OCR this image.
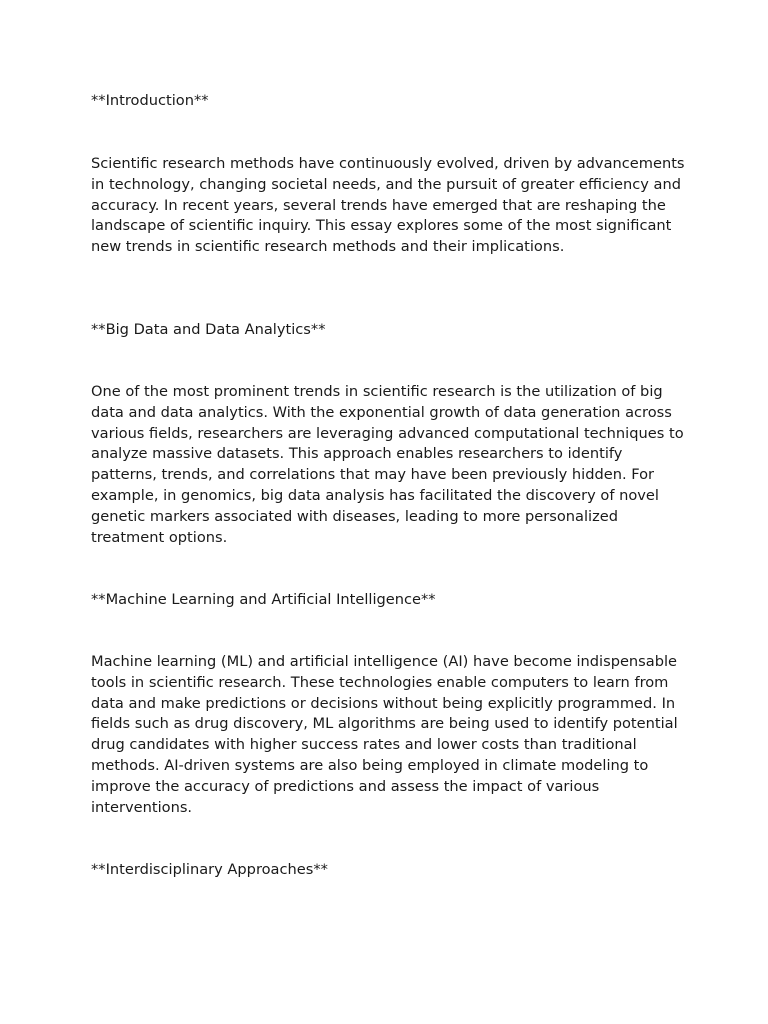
**Introduction**

Scientific research methods have continuously evolved, driven by advancements in technology, changing societal needs, and the pursuit of greater efficiency and accuracy. In recent years, several trends have emerged that are reshaping the landscape of scientific inquiry. This essay explores some of the most significant new trends in scientific research methods and their implications.

**Big Data and Data Analytics**

One of the most prominent trends in scientific research is the utilization of big data and data analytics. With the exponential growth of data generation across various fields, researchers are leveraging advanced computational techniques to analyze massive datasets. This approach enables researchers to identify patterns, trends, and correlations that may have been previously hidden. For example, in genomics, big data analysis has facilitated the discovery of novel genetic markers associated with diseases, leading to more personalized treatment options.

**Machine Learning and Artificial Intelligence**

Machine learning (ML) and artificial intelligence (AI) have become indispensable tools in scientific research. These technologies enable computers to learn from data and make predictions or decisions without being explicitly programmed. In fields such as drug discovery, ML algorithms are being used to identify potential drug candidates with higher success rates and lower costs than traditional methods. AI-driven systems are also being employed in climate modeling to improve the accuracy of predictions and assess the impact of various interventions.

**Interdisciplinary Approaches**
